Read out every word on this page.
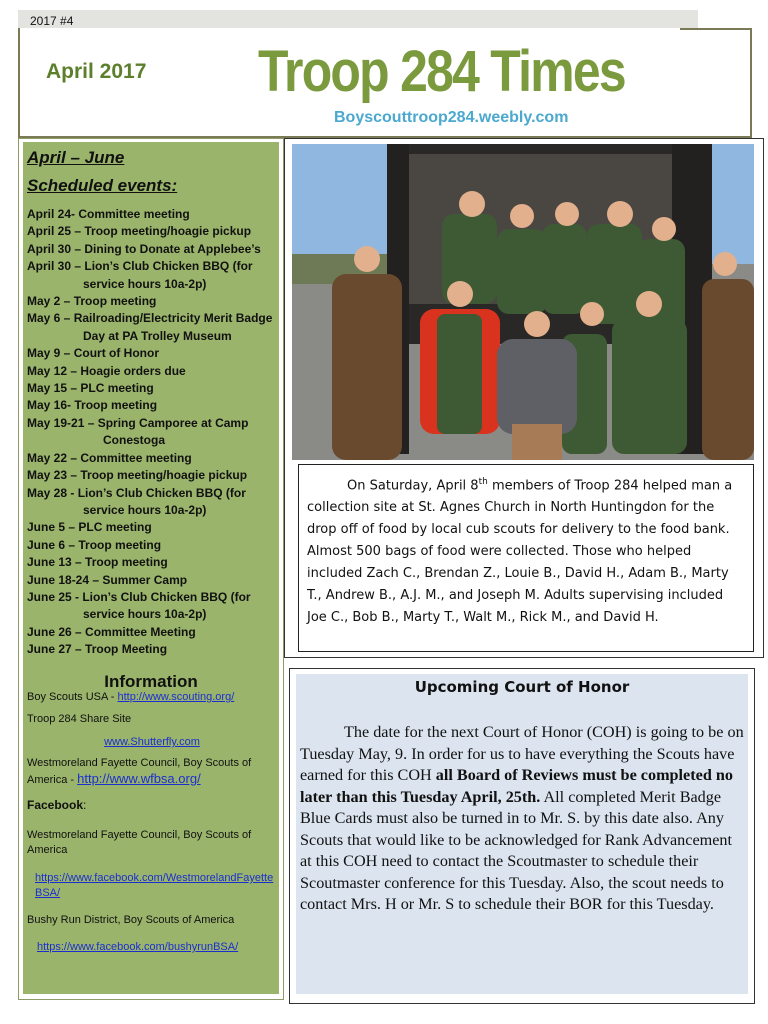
2017 #4
April 2017 Troop 284 Times
Boyscouttroop284.weebly.com
April – June
Scheduled events:
April 24- Committee meeting
April 25 – Troop meeting/hoagie pickup
April 30 – Dining to Donate at Applebee’s
April 30 – Lion’s Club Chicken BBQ (for
service hours 10a-2p)
May 2 – Troop meeting
May 6 – Railroading/Electricity Merit Badge
Day at PA Trolley Museum
May 9 – Court of Honor
May 12 – Hoagie orders due
May 15 – PLC meeting
May 16- Troop meeting
May 19-21 – Spring Camporee at Camp
Conestoga
May 22 – Committee meeting
May 23 – Troop meeting/hoagie pickup
May 28 - Lion’s Club Chicken BBQ (for
service hours 10a-2p)
June 5 – PLC meeting
June 6 – Troop meeting
June 13 – Troop meeting
June 18-24 – Summer Camp
June 25 - Lion’s Club Chicken BBQ (for
service hours 10a-2p)
June 26 – Committee Meeting
June 27 – Troop Meeting
Information
Boy Scouts USA - http://www.scouting.org/
Troop 284 Share Site
www.Shutterfly.com
Westmoreland Fayette Council, Boy Scouts of America - http://www.wfbsa.org/
Facebook:
Westmoreland Fayette Council, Boy Scouts of America
https://www.facebook.com/WestmorelandFayetteBSA/
Bushy Run District, Boy Scouts of America
https://www.facebook.com/bushyrunBSA/
On Saturday, April 8th members of Troop 284 helped man a collection site at St. Agnes Church in North Huntingdon for the drop off of food by local cub scouts for delivery to the food bank. Almost 500 bags of food were collected. Those who helped included Zach C., Brendan Z., Louie B., David H., Adam B., Marty T., Andrew B., A.J. M., and Joseph M. Adults supervising included Joe C., Bob B., Marty T., Walt M., Rick M., and David H.
Upcoming Court of Honor
The date for the next Court of Honor (COH) is going to be on Tuesday May, 9. In order for us to have everything the Scouts have earned for this COH all Board of Reviews must be completed no later than this Tuesday April, 25th. All completed Merit Badge Blue Cards must also be turned in to Mr. S. by this date also. Any Scouts that would like to be acknowledged for Rank Advancement at this COH need to contact the Scoutmaster to schedule their Scoutmaster conference for this Tuesday. Also, the scout needs to contact Mrs. H or Mr. S to schedule their BOR for this Tuesday.
